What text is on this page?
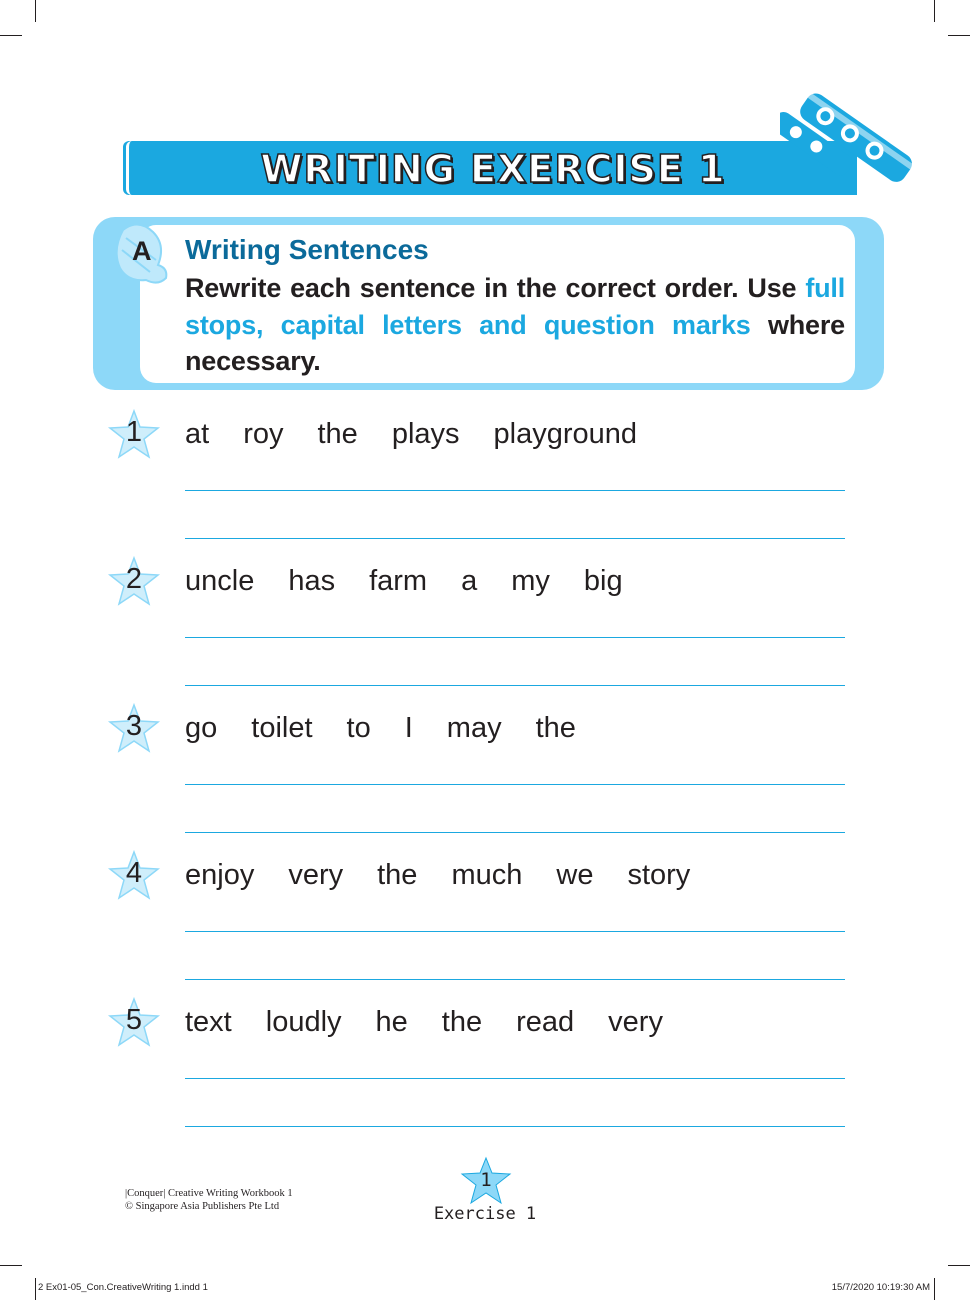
WRITING EXERCISE 1
A Writing Sentences
Rewrite each sentence in the correct order. Use full stops, capital letters and question marks where necessary.
1	at roy the plays playground
2	uncle has farm a my big
3	go toilet to I may the
4	enjoy very the much we story
5	text loudly he the read very
|Conquer| Creative Writing Workbook 1
© Singapore Asia Publishers Pte Ltd
1
Exercise 1
2 Ex01-05_Con.CreativeWriting 1.indd 1	15/7/2020 10:19:30 AM
